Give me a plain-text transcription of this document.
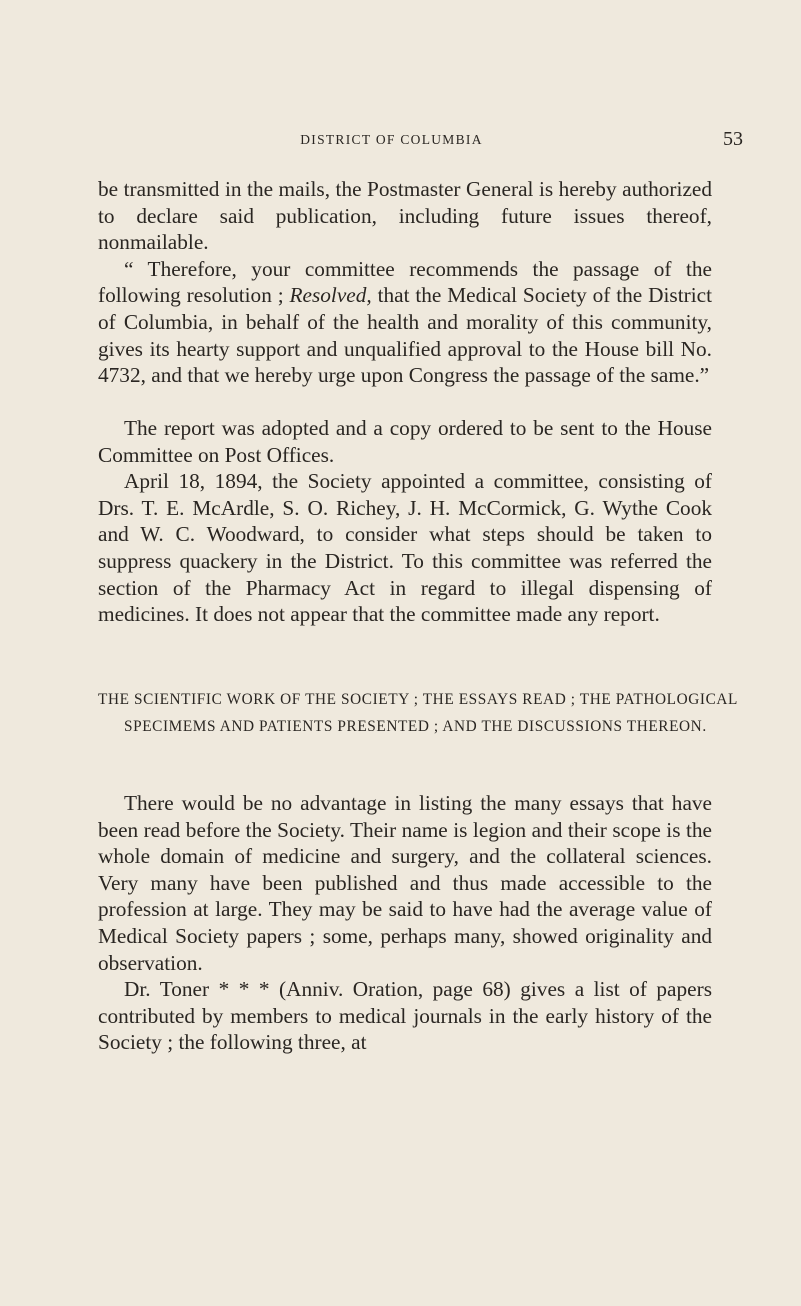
DISTRICT OF COLUMBIA	53

be transmitted in the mails, the Postmaster General is hereby authorized to declare said publication, including future issues thereof, nonmailable.

“ Therefore, your committee recommends the passage of the following resolution ; Resolved, that the Medical Society of the District of Columbia, in behalf of the health and morality of this community, gives its hearty support and unqualified approval to the House bill No. 4732, and that we hereby urge upon Congress the passage of the same.”

The report was adopted and a copy ordered to be sent to the House Committee on Post Offices.

April 18, 1894, the Society appointed a committee, consisting of Drs. T. E. McArdle, S. O. Richey, J. H. McCormick, G. Wythe Cook and W. C. Woodward, to consider what steps should be taken to suppress quackery in the District. To this committee was referred the section of the Pharmacy Act in regard to illegal dispensing of medicines. It does not appear that the committee made any report.

THE SCIENTIFIC WORK OF THE SOCIETY ; THE ESSAYS READ ; THE PATHOLOGICAL SPECIMEMS AND PATIENTS PRESENTED ; AND THE DISCUSSIONS THEREON.

There would be no advantage in listing the many essays that have been read before the Society. Their name is legion and their scope is the whole domain of medicine and surgery, and the collateral sciences. Very many have been published and thus made accessible to the profession at large. They may be said to have had the average value of Medical Society papers ; some, perhaps many, showed originality and observation.

Dr. Toner * * * (Anniv. Oration, page 68) gives a list of papers contributed by members to medical journals in the early history of the Society ; the following three, at
